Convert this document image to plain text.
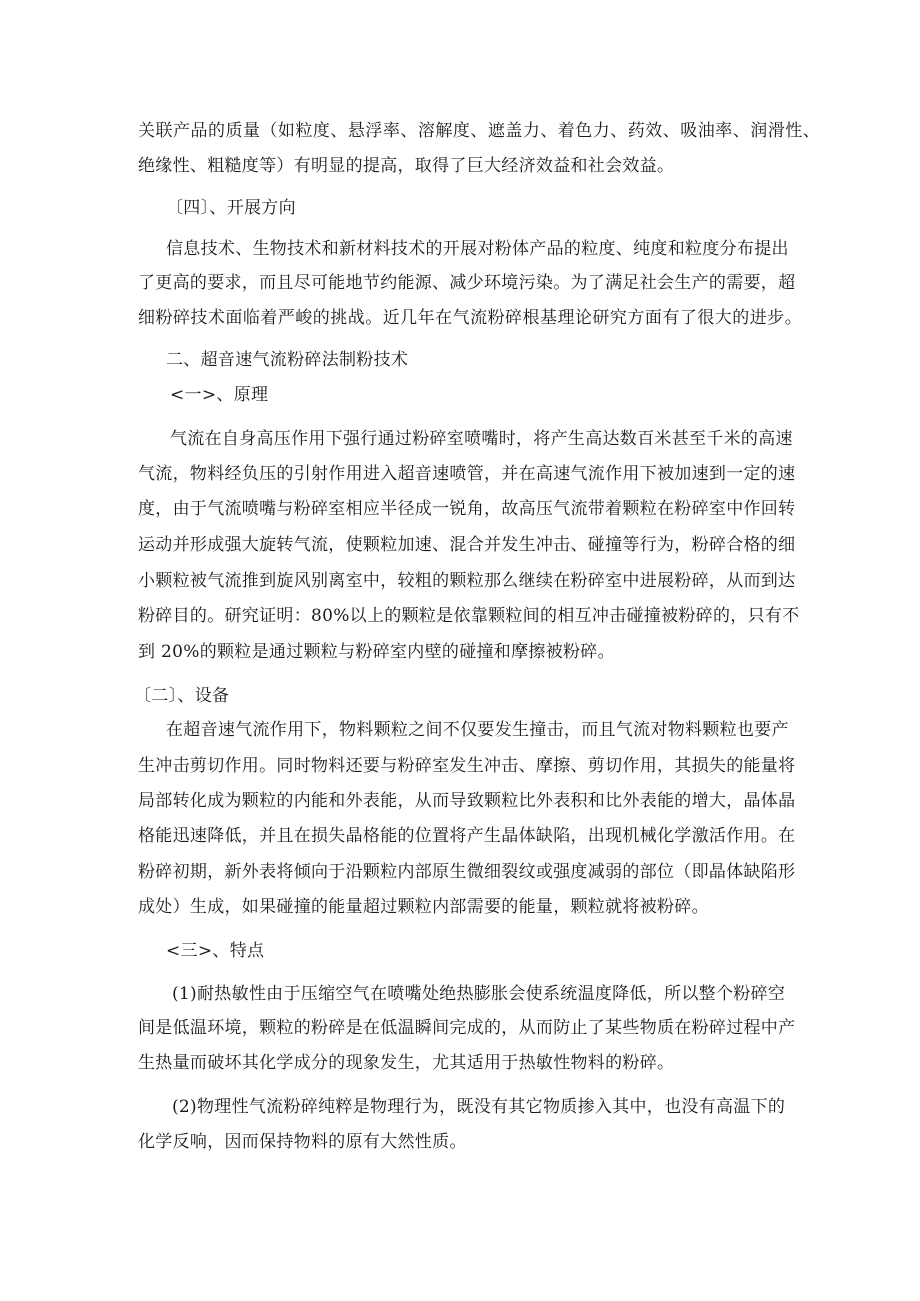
关联产品的质量（如粒度、悬浮率、溶解度、遮盖力、着色力、药效、吸油率、润滑性、
绝缘性、粗糙度等）有明显的提高，取得了巨大经济效益和社会效益。
〔四〕、开展方向
信息技术、生物技术和新材料技术的开展对粉体产品的粒度、纯度和粒度分布提出
了更高的要求，而且尽可能地节约能源、减少环境污染。为了满足社会生产的需要，超
细粉碎技术面临着严峻的挑战。近几年在气流粉碎根基理论研究方面有了很大的进步。
二、超音速气流粉碎法制粉技术
<一>、原理
气流在自身高压作用下强行通过粉碎室喷嘴时，将产生高达数百米甚至千米的高速
气流，物料经负压的引射作用进入超音速喷管，并在高速气流作用下被加速到一定的速
度，由于气流喷嘴与粉碎室相应半径成一锐角，故高压气流带着颗粒在粉碎室中作回转
运动并形成强大旋转气流，使颗粒加速、混合并发生冲击、碰撞等行为，粉碎合格的细
小颗粒被气流推到旋风别离室中，较粗的颗粒那么继续在粉碎室中进展粉碎，从而到达
粉碎目的。研究证明：80%以上的颗粒是依靠颗粒间的相互冲击碰撞被粉碎的，只有不
到 20%的颗粒是通过颗粒与粉碎室内壁的碰撞和摩擦被粉碎。
〔二〕、设备
在超音速气流作用下，物料颗粒之间不仅要发生撞击，而且气流对物料颗粒也要产
生冲击剪切作用。同时物料还要与粉碎室发生冲击、摩擦、剪切作用，其损失的能量将
局部转化成为颗粒的内能和外表能，从而导致颗粒比外表积和比外表能的增大，晶体晶
格能迅速降低，并且在损失晶格能的位置将产生晶体缺陷，出现机械化学激活作用。在
粉碎初期，新外表将倾向于沿颗粒内部原生微细裂纹或强度减弱的部位（即晶体缺陷形
成处）生成，如果碰撞的能量超过颗粒内部需要的能量，颗粒就将被粉碎。
<三>、特点
(1)耐热敏性由于压缩空气在喷嘴处绝热膨胀会使系统温度降低，所以整个粉碎空
间是低温环境，颗粒的粉碎是在低温瞬间完成的，从而防止了某些物质在粉碎过程中产
生热量而破坏其化学成分的现象发生，尤其适用于热敏性物料的粉碎。
(2)物理性气流粉碎纯粹是物理行为，既没有其它物质掺入其中，也没有高温下的
化学反响，因而保持物料的原有大然性质。
